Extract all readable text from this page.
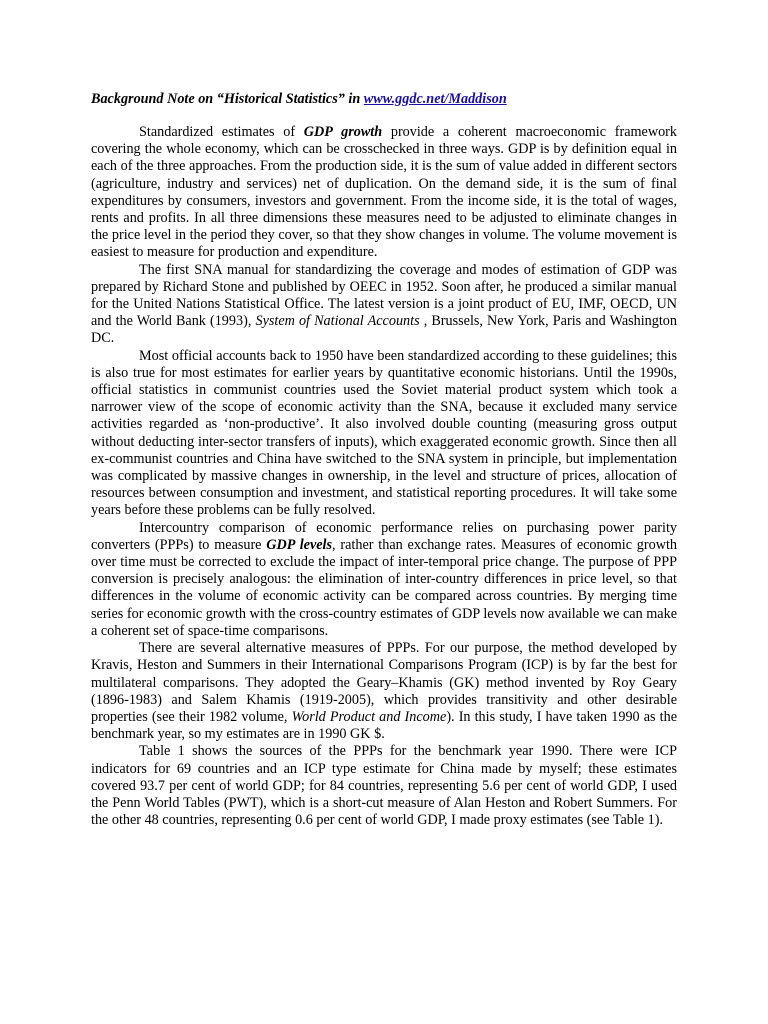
Background Note on “Historical Statistics” in www.ggdc.net/Maddison

Standardized estimates of GDP growth provide a coherent macroeconomic framework covering the whole economy, which can be crosschecked in three ways. GDP is by definition equal in each of the three approaches. From the production side, it is the sum of value added in different sectors (agriculture, industry and services) net of duplication. On the demand side, it is the sum of final expenditures by consumers, investors and government. From the income side, it is the total of wages, rents and profits. In all three dimensions these measures need to be adjusted to eliminate changes in the price level in the period they cover, so that they show changes in volume. The volume movement is easiest to measure for production and expenditure.

The first SNA manual for standardizing the coverage and modes of estimation of GDP was prepared by Richard Stone and published by OEEC in 1952. Soon after, he produced a similar manual for the United Nations Statistical Office. The latest version is a joint product of EU, IMF, OECD, UN and the World Bank (1993), System of National Accounts , Brussels, New York, Paris and Washington DC.

Most official accounts back to 1950 have been standardized according to these guidelines; this is also true for most estimates for earlier years by quantitative economic historians. Until the 1990s, official statistics in communist countries used the Soviet material product system which took a narrower view of the scope of economic activity than the SNA, because it excluded many service activities regarded as ‘non-productive’. It also involved double counting (measuring gross output without deducting inter-sector transfers of inputs), which exaggerated economic growth. Since then all ex-communist countries and China have switched to the SNA system in principle, but implementation was complicated by massive changes in ownership, in the level and structure of prices, allocation of resources between consumption and investment, and statistical reporting procedures. It will take some years before these problems can be fully resolved.

Intercountry comparison of economic performance relies on purchasing power parity converters (PPPs) to measure GDP levels, rather than exchange rates. Measures of economic growth over time must be corrected to exclude the impact of inter-temporal price change. The purpose of PPP conversion is precisely analogous: the elimination of inter-country differences in price level, so that differences in the volume of economic activity can be compared across countries. By merging time series for economic growth with the cross-country estimates of GDP levels now available we can make a coherent set of space-time comparisons.

There are several alternative measures of PPPs. For our purpose, the method developed by Kravis, Heston and Summers in their International Comparisons Program (ICP) is by far the best for multilateral comparisons. They adopted the Geary–Khamis (GK) method invented by Roy Geary (1896-1983) and Salem Khamis (1919-2005), which provides transitivity and other desirable properties (see their 1982 volume, World Product and Income). In this study, I have taken 1990 as the benchmark year, so my estimates are in 1990 GK $.

Table 1 shows the sources of the PPPs for the benchmark year 1990. There were ICP indicators for 69 countries and an ICP type estimate for China made by myself; these estimates covered 93.7 per cent of world GDP; for 84 countries, representing 5.6 per cent of world GDP, I used the Penn World Tables (PWT), which is a short-cut measure of Alan Heston and Robert Summers. For the other 48 countries, representing 0.6 per cent of world GDP, I made proxy estimates (see Table 1).
